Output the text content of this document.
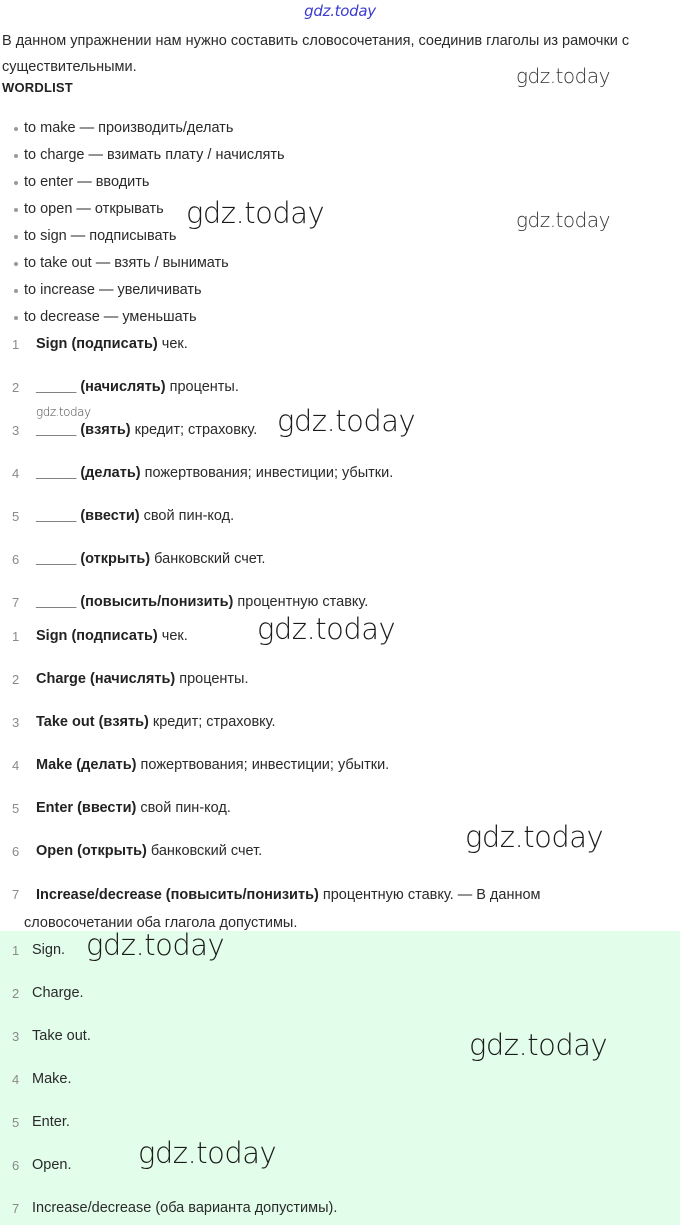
gdz.today
В данном упражнении нам нужно составить словосочетания, соединив глаголы из рамочки с существительными.
WORDLIST
to make — производить/делать
to charge — взимать плату / начислять
to enter — вводить
to open — открывать
to sign — подписывать
to take out — взять / вынимать
to increase — увеличивать
to decrease — уменьшать
1 Sign (подписать) чек.
2 _____ (начислять) проценты.
3 _____ (взять) кредит; страховку.
4 _____ (делать) пожертвования; инвестиции; убытки.
5 _____ (ввести) свой пин-код.
6 _____ (открыть) банковский счет.
7 _____ (повысить/понизить) процентную ставку.
1 Sign (подписать) чек.
2 Charge (начислять) проценты.
3 Take out (взять) кредит; страховку.
4 Make (делать) пожертвования; инвестиции; убытки.
5 Enter (ввести) свой пин-код.
6 Open (открыть) банковский счет.
7 Increase/decrease (повысить/понизить) процентную ставку. — В данном
словосочетании оба глагола допустимы.
1 Sign.
2 Charge.
3 Take out.
4 Make.
5 Enter.
6 Open.
7 Increase/decrease (оба варианта допустимы).
gdz.today
gdz.today	gdz.today
gdz.today	gdz.today
gdz.today
gdz.today
gdz.today
gdz.today
gdz.today
